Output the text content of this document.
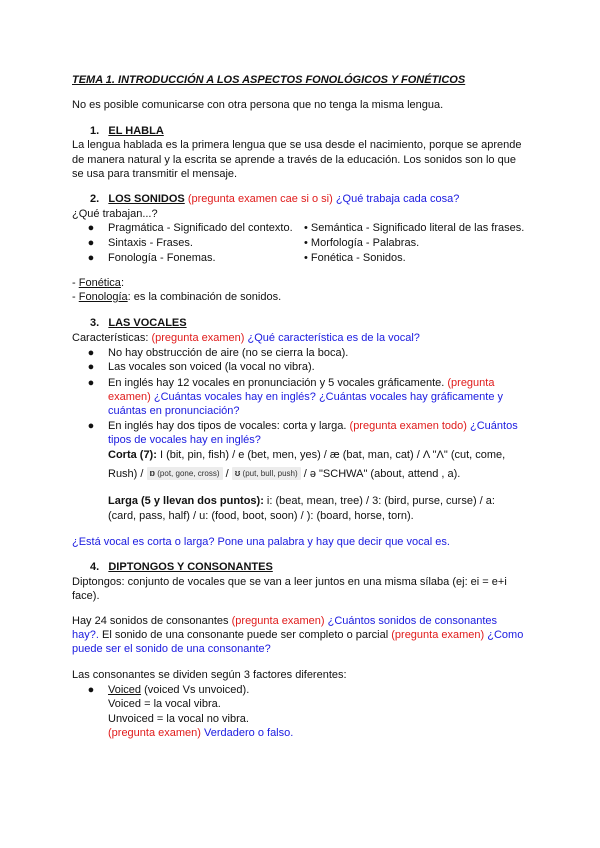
TEMA 1. INTRODUCCIÓN A LOS ASPECTOS FONOLÓGICOS Y FONÉTICOS
No es posible comunicarse con otra persona que no tenga la misma lengua.
1. EL HABLA
La lengua hablada es la primera lengua que se usa desde el nacimiento, porque se aprende
de manera natural y la escrita se aprende a través de la educación. Los sonidos son lo que
se usa para transmitir el mensaje.
2. LOS SONIDOS (pregunta examen cae si o si) ¿Qué trabaja cada cosa?
¿Qué trabajan...?
● Pragmática - Significado del contexto. • Semántica - Significado literal de las frases.
● Sintaxis - Frases.	• Morfología - Palabras.
● Fonología - Fonemas.	• Fonética - Sonidos.
- Fonética:
- Fonología: es la combinación de sonidos.
3. LAS VOCALES
Características: (pregunta examen) ¿Qué característica es de la vocal?
● No hay obstrucción de aire (no se cierra la boca).
● Las vocales son voiced (la vocal no vibra).
● En inglés hay 12 vocales en pronunciación y 5 vocales gráficamente. (pregunta
examen) ¿Cuántas vocales hay en inglés? ¿Cuántas vocales hay gráficamente y
cuántas en pronunciación?
● En inglés hay dos tipos de vocales: corta y larga. (pregunta examen todo) ¿Cuántos
tipos de vocales hay en inglés?
Corta (7): I (bit, pin, fish) / e (bet, men, yes) / æ (bat, man, cat) / Λ "Λ" (cut, come,
Rush) / ɒ (pot, gone, cross) / ʊ (put, bull, push) / ə "SCHWA" (about, attend , a).
Larga (5 y llevan dos puntos): i: (beat, mean, tree) / 3: (bird, purse, curse) / a:
(card, pass, half) / u: (food, boot, soon) / ): (board, horse, torn).
¿Está vocal es corta o larga? Pone una palabra y hay que decir que vocal es.
4. DIPTONGOS Y CONSONANTES
Diptongos: conjunto de vocales que se van a leer juntos en una misma sílaba (ej: ei = e+i
face).
Hay 24 sonidos de consonantes (pregunta examen) ¿Cuántos sonidos de consonantes
hay?. El sonido de una consonante puede ser completo o parcial (pregunta examen) ¿Como
puede ser el sonido de una consonante?
Las consonantes se dividen según 3 factores diferentes:
● Voiced (voiced Vs unvoiced).
Voiced = la vocal vibra.
Unvoiced = la vocal no vibra.
(pregunta examen) Verdadero o falso.
